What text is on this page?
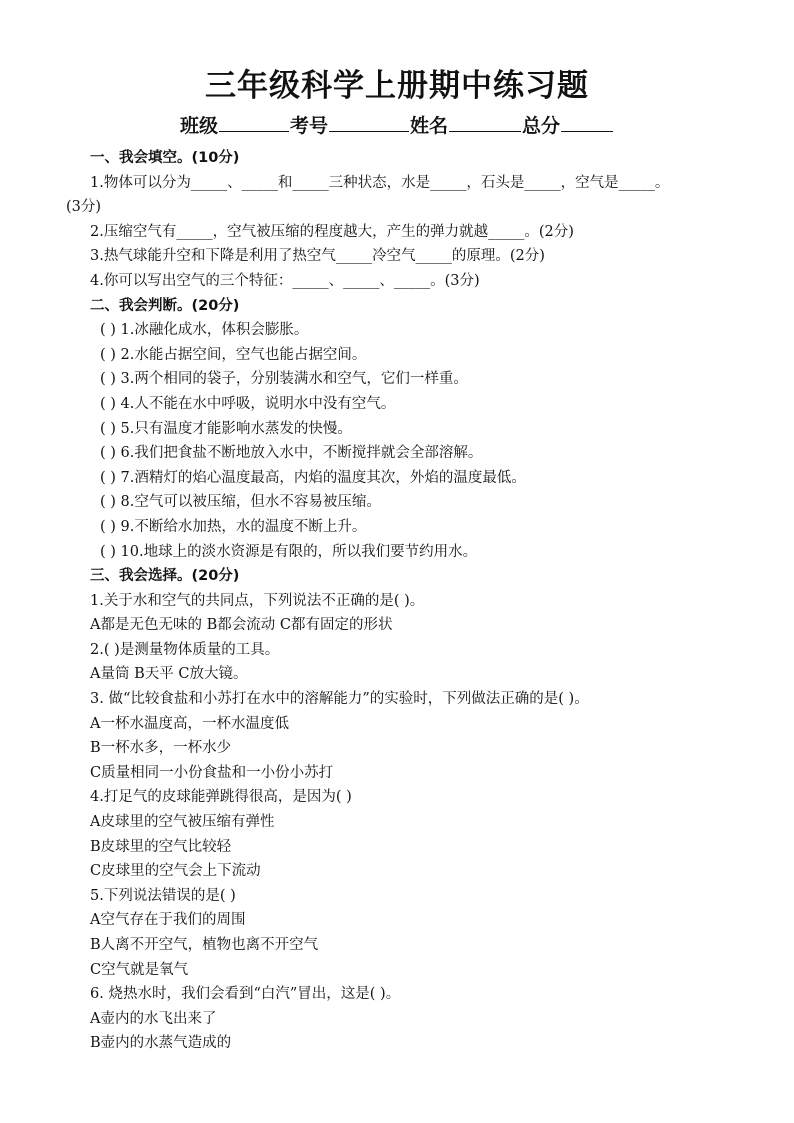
三年级科学上册期中练习题
班级	考号	姓名	总分
一、我会填空。(10分)
1.物体可以分为_____、_____和_____三种状态，水是_____，石头是_____，空气是_____。
(3分)
2.压缩空气有_____，空气被压缩的程度越大，产生的弹力就越_____。(2分)
3.热气球能升空和下降是利用了热空气_____冷空气_____的原理。(2分)
4.你可以写出空气的三个特征：_____、_____、_____。(3分)
二、我会判断。(20分)
( ) 1.冰融化成水，体积会膨胀。
( ) 2.水能占据空间，空气也能占据空间。
( ) 3.两个相同的袋子，分别装满水和空气，它们一样重。
( ) 4.人不能在水中呼吸，说明水中没有空气。
( ) 5.只有温度才能影响水蒸发的快慢。
( ) 6.我们把食盐不断地放入水中，不断搅拌就会全部溶解。
( ) 7.酒精灯的焰心温度最高，内焰的温度其次，外焰的温度最低。
( ) 8.空气可以被压缩，但水不容易被压缩。
( ) 9.不断给水加热，水的温度不断上升。
( ) 10.地球上的淡水资源是有限的，所以我们要节约用水。
三、我会选择。(20分)
1.关于水和空气的共同点，下列说法不正确的是( )。
A都是无色无味的 B都会流动 C都有固定的形状
2.( )是测量物体质量的工具。
A量筒 B天平 C放大镜。
3. 做“比较食盐和小苏打在水中的溶解能力”的实验时，下列做法正确的是( )。
A一杯水温度高，一杯水温度低
B一杯水多，一杯水少
C质量相同一小份食盐和一小份小苏打
4.打足气的皮球能弹跳得很高，是因为( )
A皮球里的空气被压缩有弹性
B皮球里的空气比较轻
C皮球里的空气会上下流动
5.下列说法错误的是( )
A空气存在于我们的周围
B人离不开空气，植物也离不开空气
C空气就是氧气
6. 烧热水时，我们会看到“白汽”冒出，这是( )。
A壶内的水飞出来了
B壶内的水蒸气造成的
